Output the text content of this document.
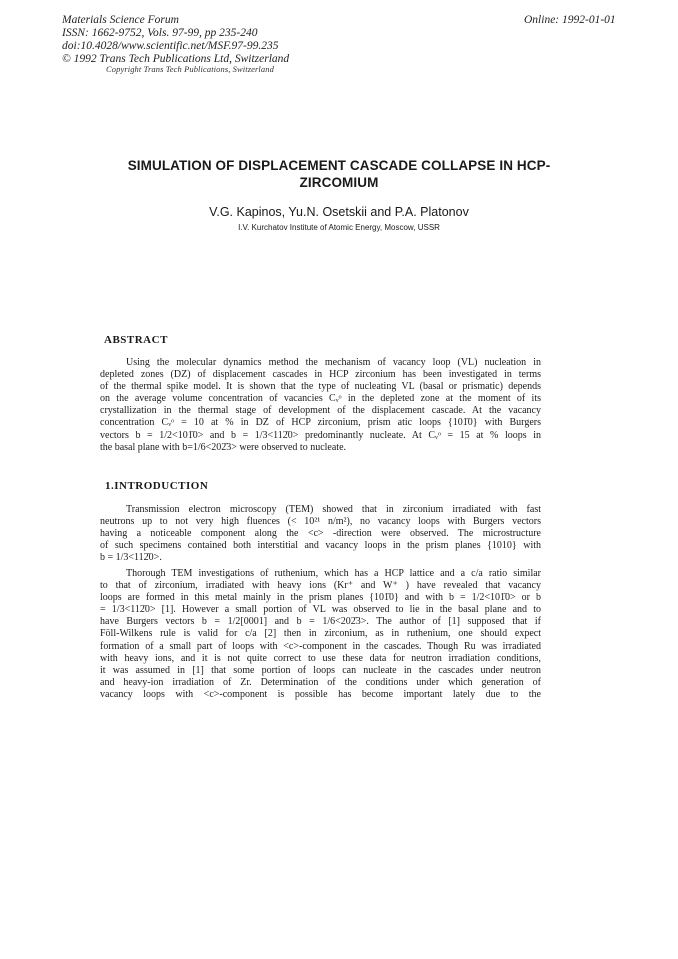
Materials Science Forum
ISSN: 1662-9752, Vols. 97-99, pp 235-240
doi:10.4028/www.scientific.net/MSF.97-99.235
© 1992 Trans Tech Publications Ltd, Switzerland
Online: 1992-01-01
Copyright Trans Tech Publications, Switzerland
SIMULATION OF DISPLACEMENT CASCADE COLLAPSE IN HCP-
ZIRCOMIUM
V.G. Kapinos, Yu.N. Osetskii and P.A. Platonov
I.V. Kurchatov Institute of Atomic Energy, Moscow, USSR
ABSTRACT
Using the molecular dynamics method the mechanism of vacancy loop (VL) nucleation in
depleted zones (DZ) of displacement cascades in HCP zirconium has been investigated in terms
of the thermal spike model. It is shown that the type of nucleating VL (basal or prismatic) depends
on the average volume concentration of vacancies Cᵥᵒ in the depleted zone at the moment of its
crystallization in the thermal stage of development of the displacement cascade. At the vacancy
concentration Cᵥᵒ = 10 at % in DZ of HCP zirconium, prism atic loops {101̄0} with Burgers
vectors b = 1/2<101̄0> and b = 1/3<112̄0> predominantly nucleate. At Cᵥᵒ = 15 at % loops in
the basal plane with b=1/6<202̄3> were observed to nucleate.
1.INTRODUCTION
Transmission electron microscopy (TEM) showed that in zirconium irradiated with fast
neutrons up to not very high fluences (< 10²¹ n/m²), no vacancy loops with Burgers vectors
having a noticeable component along the <c> -direction were observed. The microstructure
of such specimens contained both interstitial and vacancy loops in the prism planes {1010} with
b = 1/3<112̄0>.
Thorough TEM investigations of ruthenium, which has a HCP lattice and a c/a ratio similar
to that of zirconium, irradiated with heavy ions (Kr⁺ and W⁺ ) have revealed that vacancy
loops are formed in this metal mainly in the prism planes {101̄0} and with b = 1/2<101̄0> or b
= 1/3<112̄0> [1]. However a small portion of VL was observed to lie in the basal plane and to
have Burgers vectors b = 1/2[0001] and b = 1/6<202̄3>. The author of [1] supposed that if
Föll-Wilkens rule is valid for c/a [2] then in zirconium, as in ruthenium, one should expect
formation of a small part of loops with <c>-component in the cascades. Though Ru was irradiated
with heavy ions, and it is not quite correct to use these data for neutron irradiation conditions,
it was assumed in [1] that some portion of loops can nucleate in the cascades under neutron
and heavy-ion irradiation of Zr. Determination of the conditions under which generation of
vacancy loops with <c>-component is possible has become important lately due to the
